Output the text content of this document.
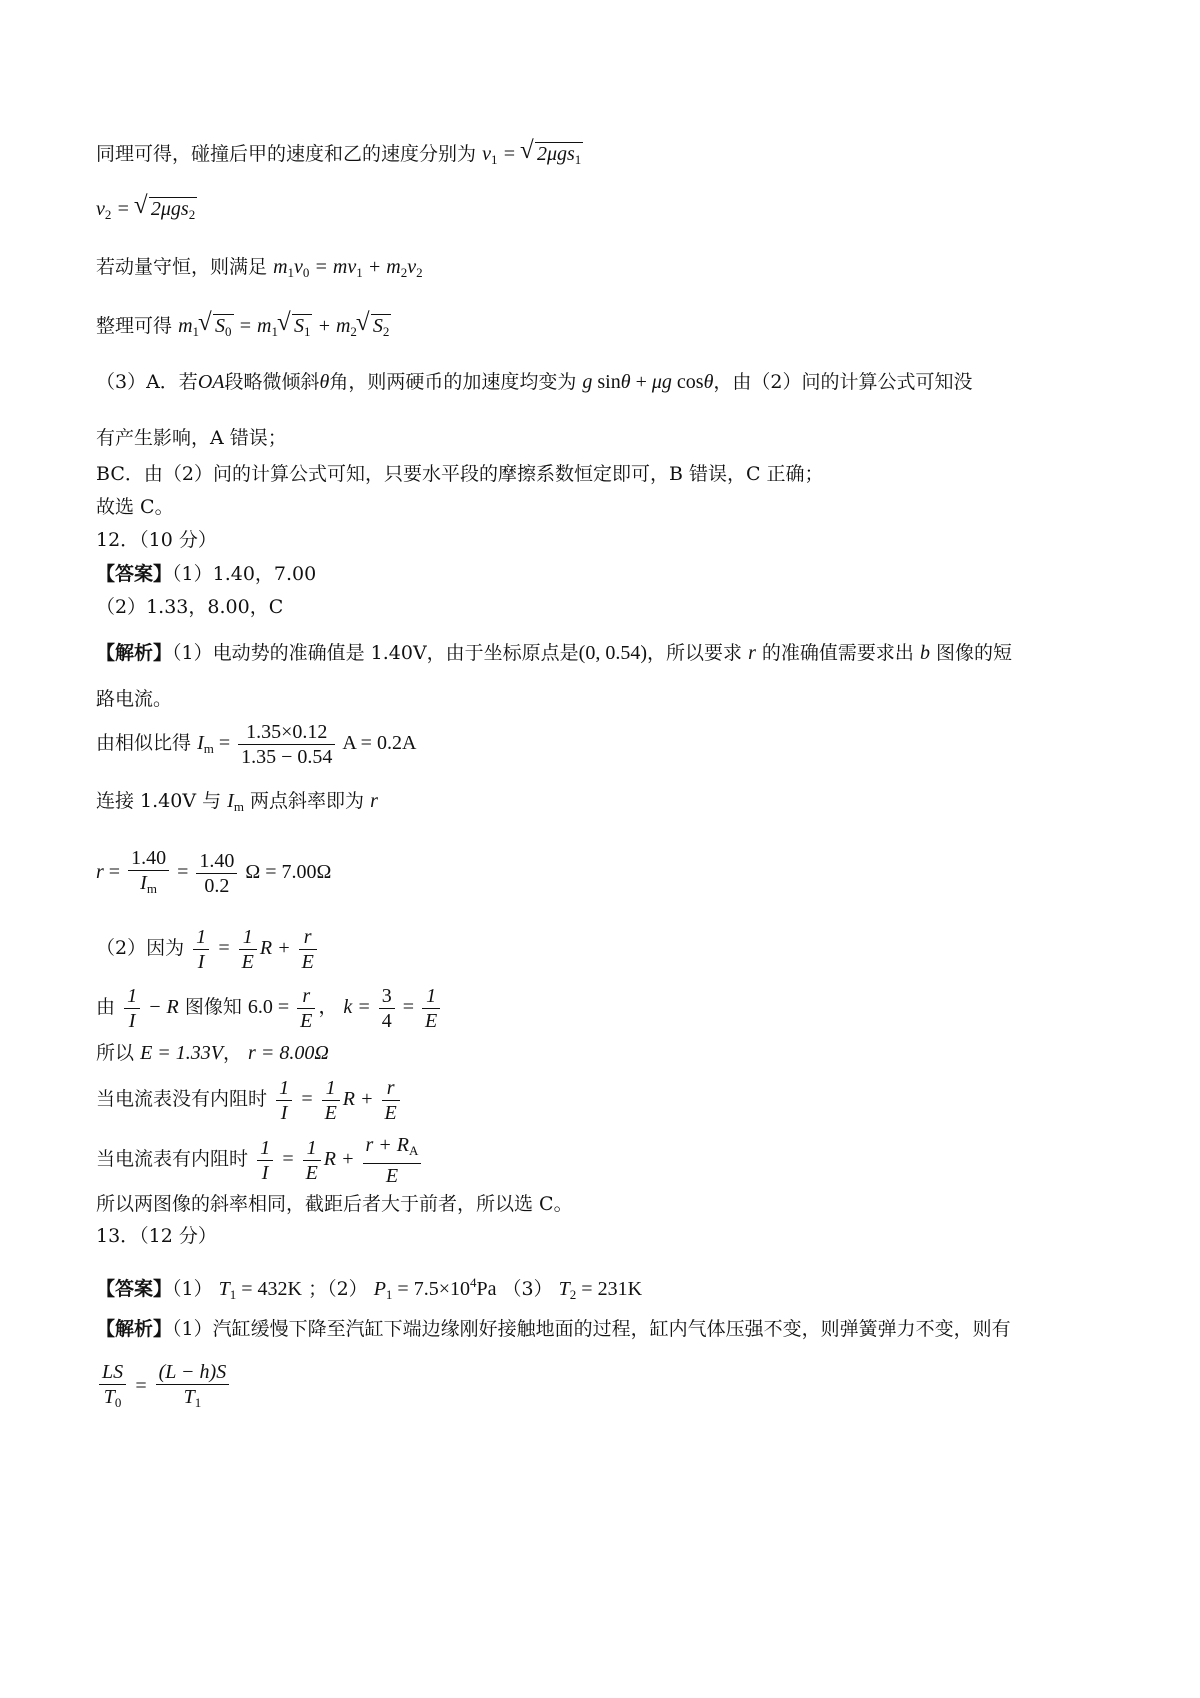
同理可得，碰撞后甲的速度和乙的速度分别为 $v_1$ = √ 2μgs$_1$
$v_2$ = √ 2μgs$_2$
若动量守恒，则满足 $m_1v_0 = mv_1 + m_2v_2$
整理可得 $m_1√$ $S_0 = m_1√$ $S_1 + m_2√$ $S_2$
（3）A．若OA段略微倾斜θ角，则两硬币的加速度均变为 g sinθ + μg cosθ，由（2）问的计算公式可知没
有产生影响，A 错误；
BC．由（2）问的计算公式可知，只要水平段的摩擦系数恒定即可，B 错误，C 正确；
故选 C。
12．（10 分）
【答案】（1）1.40，7.00
（2）1.33，8.00，C
【解析】（1）电动势的准确值是 1.40V，由于坐标原点是(0, 0.54)，所以要求 r 的准确值需要求出 b 图像的短
路电流。
由相似比得 $I_m = \frac{1.35\times 0.12}{1.35 - 0.54}$ A = 0.2A
连接 1.40V 与 $I_m$ 两点斜率即为 r
$r = \frac{1.40}{I_m} = \frac{1.40}{0.2}$ Ω = 7.00Ω
（2）因为 $\frac{1}{I} = \frac{1}{E}$ $R + \frac{r}{E}$
由 $\frac{1}{I} - R$ 图像知 $6.0 = \frac{r}{E}$ ， $k = \frac{3}{4} = \frac{1}{E}$
所以 E = 1.33V， r = 8.00Ω
当电流表没有内阻时 $\frac{1}{I} = \frac{1}{E}$ $R + \frac{r}{E}$
当电流表有内阻时 $\frac{1}{I} = \frac{1}{E}$ $R + \frac{r + R_A}{E}$
所以两图像的斜率相同，截距后者大于前者，所以选 C。
13．（12 分）
【答案】（1） $T_1 = 432K$ ；（2） $P_1 = 7.5\times 10^4Pa$ （3） $T_2 = 231K$
【解析】（1）汽缸缓慢下降至汽缸下端边缘刚好接触地面的过程，缸内气体压强不变，则弹簧弹力不变，则有
$\frac{LS}{T_0} = \frac{(L - h)S}{T_1}$
